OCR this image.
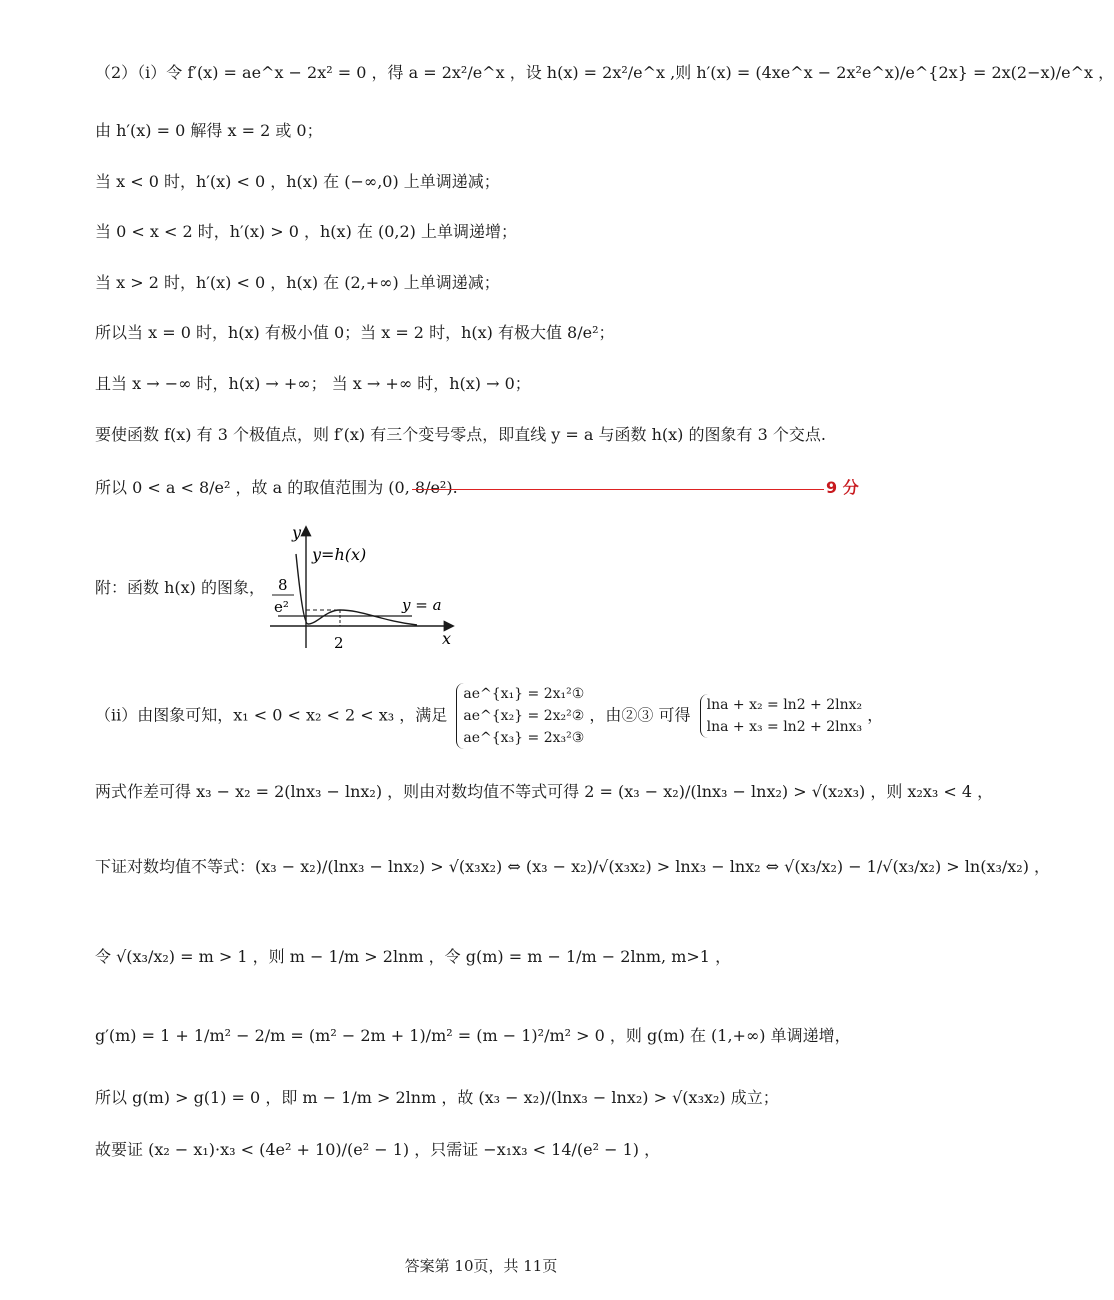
（2）（i）令 f′(x) = ae^x − 2x² = 0 ，得 a = 2x²/e^x ，设 h(x) = 2x²/e^x ,则 h′(x) = (4xe^x − 2x²e^x)/e^{2x} = 2x(2−x)/e^x ，
由 h′(x) = 0 解得 x = 2 或 0；
当 x < 0 时，h′(x) < 0 ，h(x) 在 (−∞,0) 上单调递减；
当 0 < x < 2 时，h′(x) > 0 ，h(x) 在 (0,2) 上单调递增；
当 x > 2 时，h′(x) < 0 ，h(x) 在 (2,+∞) 上单调递减；
所以当 x = 0 时，h(x) 有极小值 0；当 x = 2 时，h(x) 有极大值 8/e²；
且当 x → −∞ 时，h(x) → +∞； 当 x → +∞ 时，h(x) → 0；
要使函数 f(x) 有 3 个极值点，则 f′(x) 有三个变号零点，即直线 y = a 与函数 h(x) 的图象有 3 个交点.
所以 0 < a < 8/e² ，故 a 的取值范围为 (0, 8/e²).	9 分
附：函数 h(x) 的图象，
y
x
y=h(x)
y = a
8
e²
2
（ii）由图象可知，x₁ < 0 < x₂ < 2 < x₃ ，满足
ae^{x₁} = 2x₁²①
ae^{x₂} = 2x₂²②
ae^{x₃} = 2x₃²③
，由②③ 可得
lna + x₂ = ln2 + 2lnx₂
lna + x₃ = ln2 + 2lnx₃
，
两式作差可得 x₃ − x₂ = 2(lnx₃ − lnx₂) ，则由对数均值不等式可得 2 = (x₃ − x₂)/(lnx₃ − lnx₂) > √(x₂x₃) ，则 x₂x₃ < 4 ，
下证对数均值不等式：(x₃ − x₂)/(lnx₃ − lnx₂) > √(x₃x₂) ⇔ (x₃ − x₂)/√(x₃x₂) > lnx₃ − lnx₂ ⇔ √(x₃/x₂) − 1/√(x₃/x₂) > ln(x₃/x₂) ，
令 √(x₃/x₂) = m > 1 ，则 m − 1/m > 2lnm ，令 g(m) = m − 1/m − 2lnm, m>1 ，
g′(m) = 1 + 1/m² − 2/m = (m² − 2m + 1)/m² = (m − 1)²/m² > 0 ，则 g(m) 在 (1,+∞) 单调递增，
所以 g(m) > g(1) = 0 ，即 m − 1/m > 2lnm ，故 (x₃ − x₂)/(lnx₃ − lnx₂) > √(x₃x₂) 成立；
故要证 (x₂ − x₁)·x₃ < (4e² + 10)/(e² − 1) ，只需证 −x₁x₃ < 14/(e² − 1) ，
答案第 10页，共 11页
